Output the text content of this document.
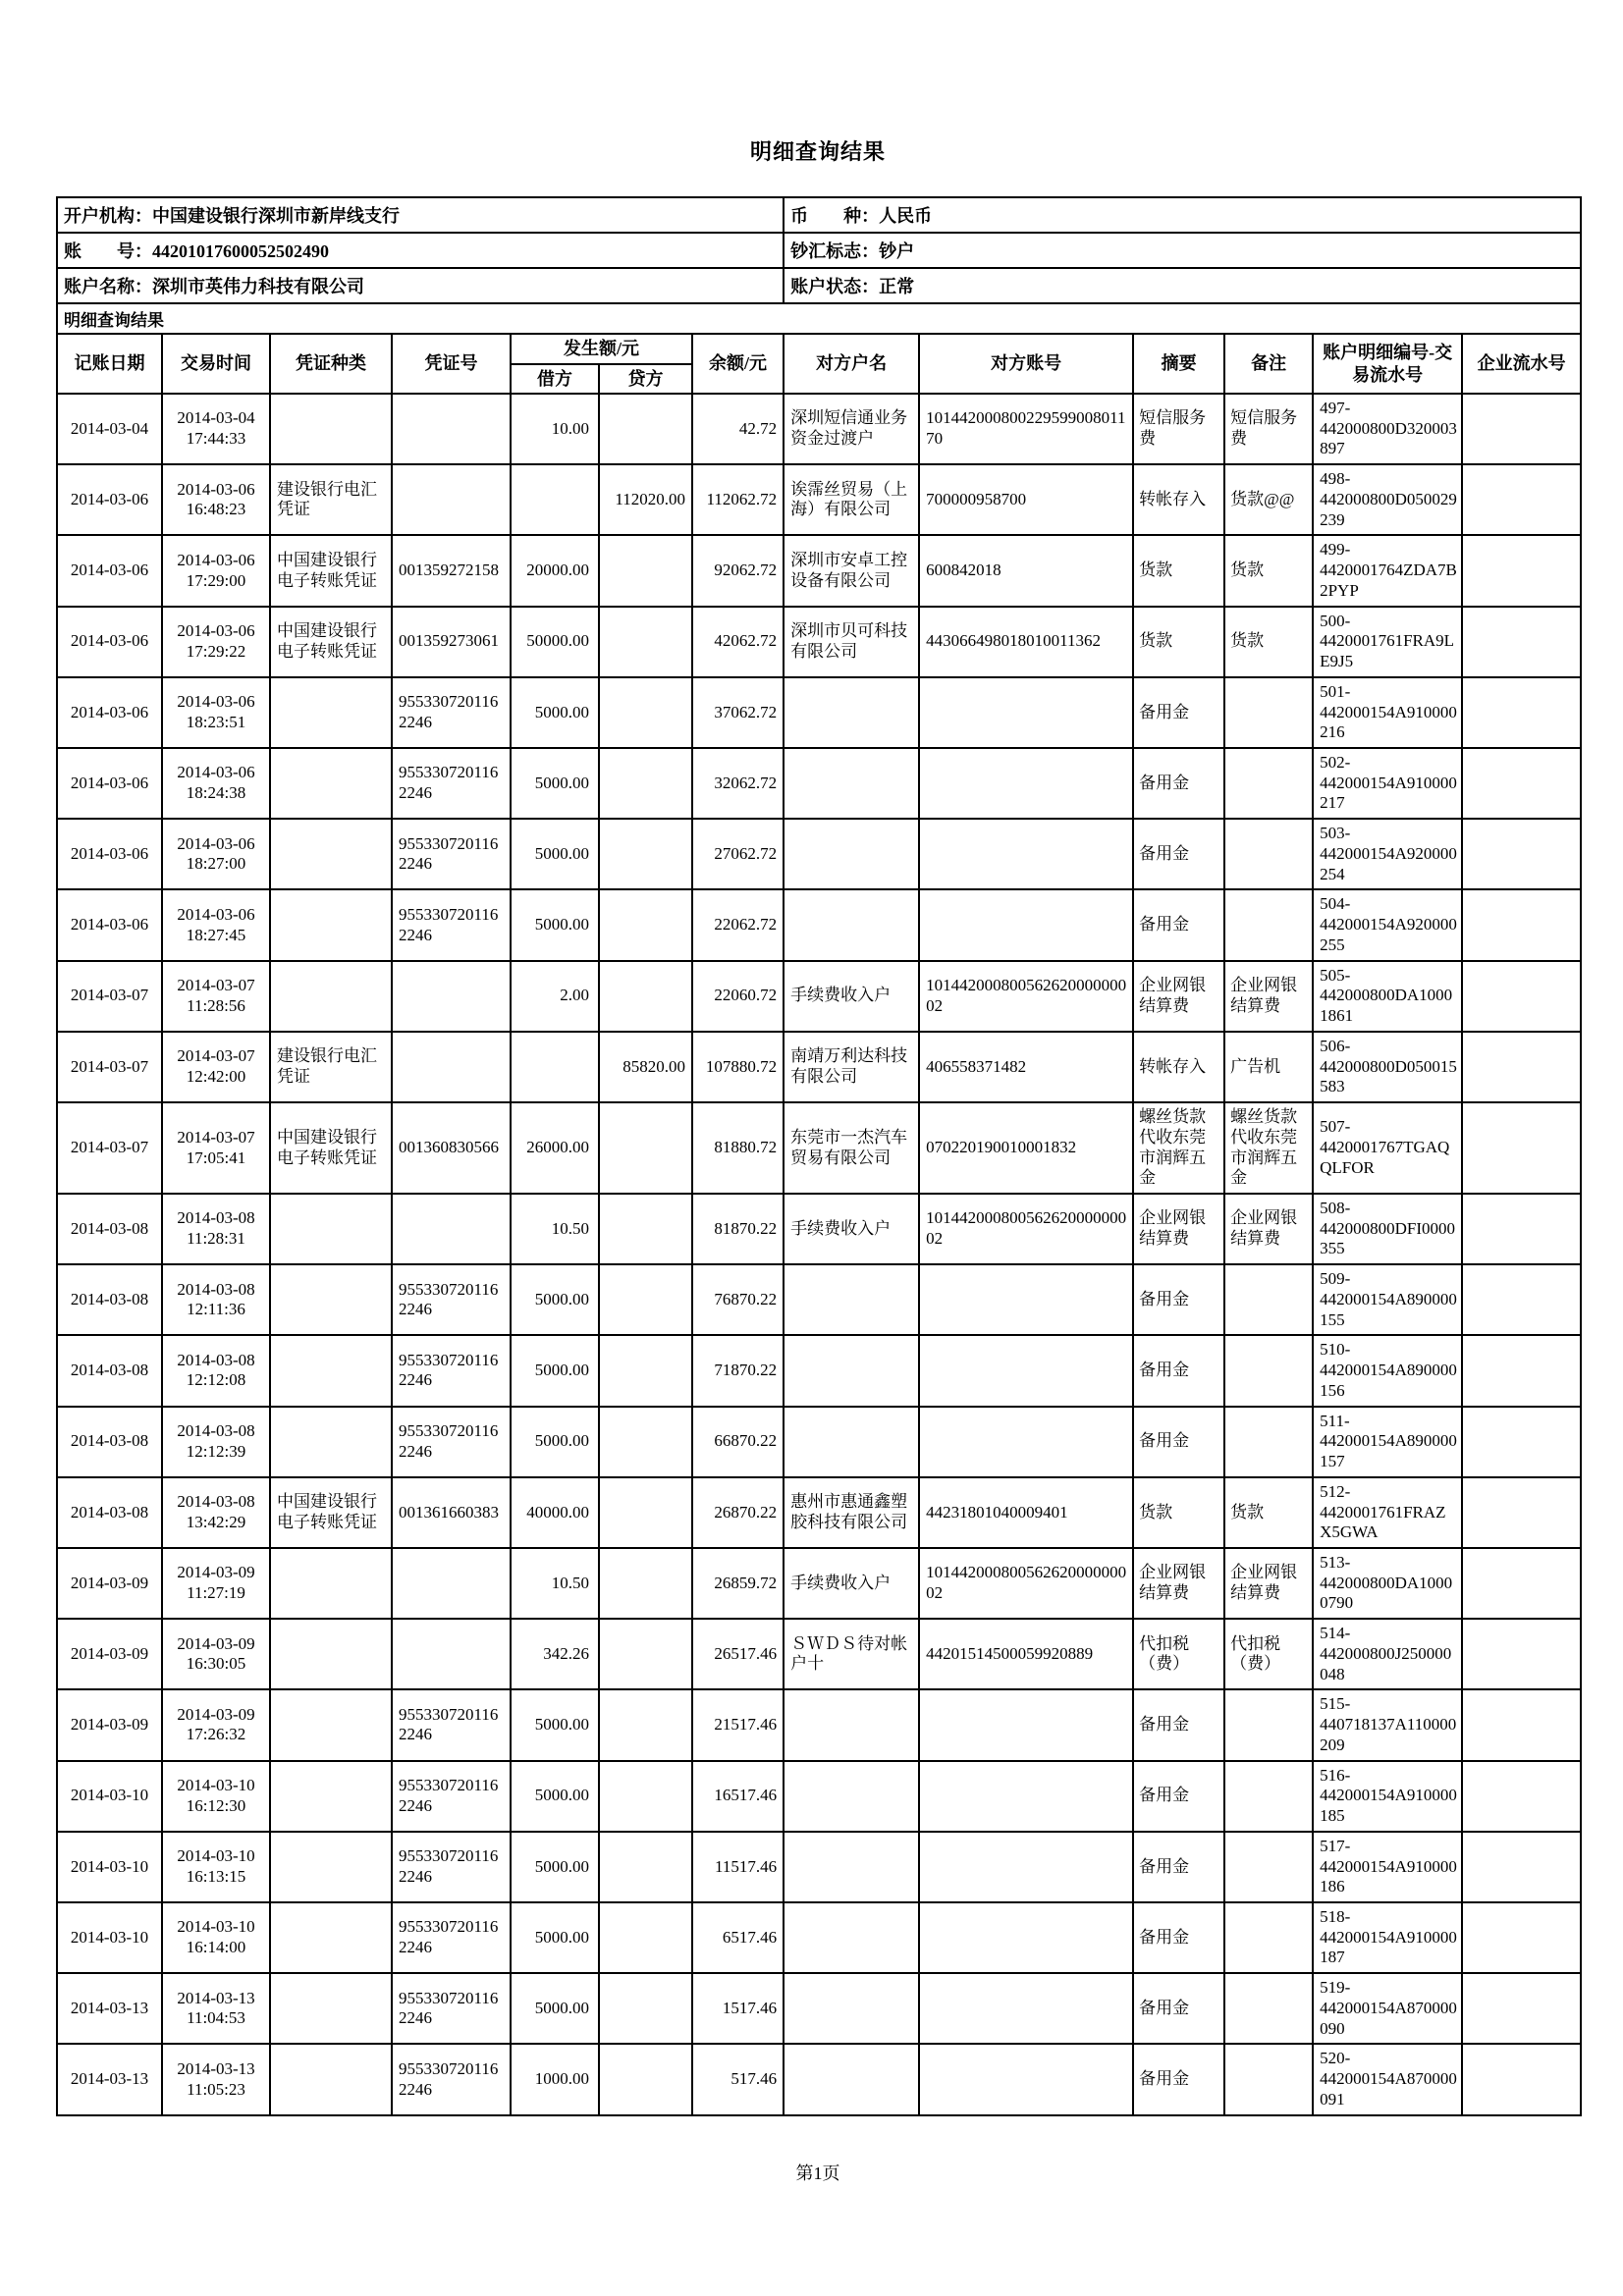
明细查询结果
开户机构：中国建设银行深圳市新岸线支行							币　　种：人民币					
账　　号：44201017600052502490							钞汇标志：钞户					
账户名称：深圳市英伟力科技有限公司							账户状态：正常					
明细查询结果												
记账日期	交易时间	凭证种类	凭证号	发生额/元		余额/元	对方户名	对方账号	摘要	备注	账户明细编号-交易流水号	企业流水号
				借方	贷方							
2014-03-04	2014-03-04 17:44:33			10.00		42.72	深圳短信通业务资金过渡户	10144200080022959900801170	短信服务费	短信服务费	497-442000800D320003897	
2014-03-06	2014-03-06 16:48:23	建设银行电汇凭证			112020.00	112062.72	诶霈丝贸易（上海）有限公司	700000958700	转帐存入	货款@@	498-442000800D050029239	
2014-03-06	2014-03-06 17:29:00	中国建设银行电子转账凭证	001359272158	20000.00		92062.72	深圳市安卓工控设备有限公司	600842018	货款	货款	499-4420001764ZDA7B2PYP	
2014-03-06	2014-03-06 17:29:22	中国建设银行电子转账凭证	001359273061	50000.00		42062.72	深圳市贝可科技有限公司	443066498018010011362	货款	货款	500-4420001761FRA9LE9J5	
2014-03-06	2014-03-06 18:23:51		9553307201162246	5000.00		37062.72			备用金		501-442000154A910000216	
2014-03-06	2014-03-06 18:24:38		9553307201162246	5000.00		32062.72			备用金		502-442000154A910000217	
2014-03-06	2014-03-06 18:27:00		9553307201162246	5000.00		27062.72			备用金		503-442000154A920000254	
2014-03-06	2014-03-06 18:27:45		9553307201162246	5000.00		22062.72			备用金		504-442000154A920000255	
2014-03-07	2014-03-07 11:28:56			2.00		22060.72	手续费收入户	10144200080056262000000002	企业网银结算费	企业网银结算费	505-442000800DA10001861	
2014-03-07	2014-03-07 12:42:00	建设银行电汇凭证			85820.00	107880.72	南靖万利达科技有限公司	406558371482	转帐存入	广告机	506-442000800D050015583	
2014-03-07	2014-03-07 17:05:41	中国建设银行电子转账凭证	001360830566	26000.00		81880.72	东莞市一杰汽车贸易有限公司	070220190010001832	螺丝货款　代收东莞市润辉五金	螺丝货款　代收东莞市润辉五金	507-4420001767TGAQQLFOR	
2014-03-08	2014-03-08 11:28:31			10.50		81870.22	手续费收入户	10144200080056262000000002	企业网银结算费	企业网银结算费	508-442000800DFI0000355	
2014-03-08	2014-03-08 12:11:36		9553307201162246	5000.00		76870.22			备用金		509-442000154A890000155	
2014-03-08	2014-03-08 12:12:08		9553307201162246	5000.00		71870.22			备用金		510-442000154A890000156	
2014-03-08	2014-03-08 12:12:39		9553307201162246	5000.00		66870.22			备用金		511-442000154A890000157	
2014-03-08	2014-03-08 13:42:29	中国建设银行电子转账凭证	001361660383	40000.00		26870.22	惠州市惠通鑫塑胶科技有限公司	44231801040009401	货款	货款	512-4420001761FRAZX5GWA	
2014-03-09	2014-03-09 11:27:19			10.50		26859.72	手续费收入户	10144200080056262000000002	企业网银结算费	企业网银结算费	513-442000800DA10000790	
2014-03-09	2014-03-09 16:30:05			342.26		26517.46	ＳＷＤＳ待对帐户十	44201514500059920889	代扣税（费）	代扣税（费）	514-442000800J250000048	
2014-03-09	2014-03-09 17:26:32		9553307201162246	5000.00		21517.46			备用金		515-440718137A110000209	
2014-03-10	2014-03-10 16:12:30		9553307201162246	5000.00		16517.46			备用金		516-442000154A910000185	
2014-03-10	2014-03-10 16:13:15		9553307201162246	5000.00		11517.46			备用金		517-442000154A910000186	
2014-03-10	2014-03-10 16:14:00		9553307201162246	5000.00		6517.46			备用金		518-442000154A910000187	
2014-03-13	2014-03-13 11:04:53		9553307201162246	5000.00		1517.46			备用金		519-442000154A870000090	
2014-03-13	2014-03-13 11:05:23		9553307201162246	1000.00		517.46			备用金		520-442000154A870000091	
第1页
